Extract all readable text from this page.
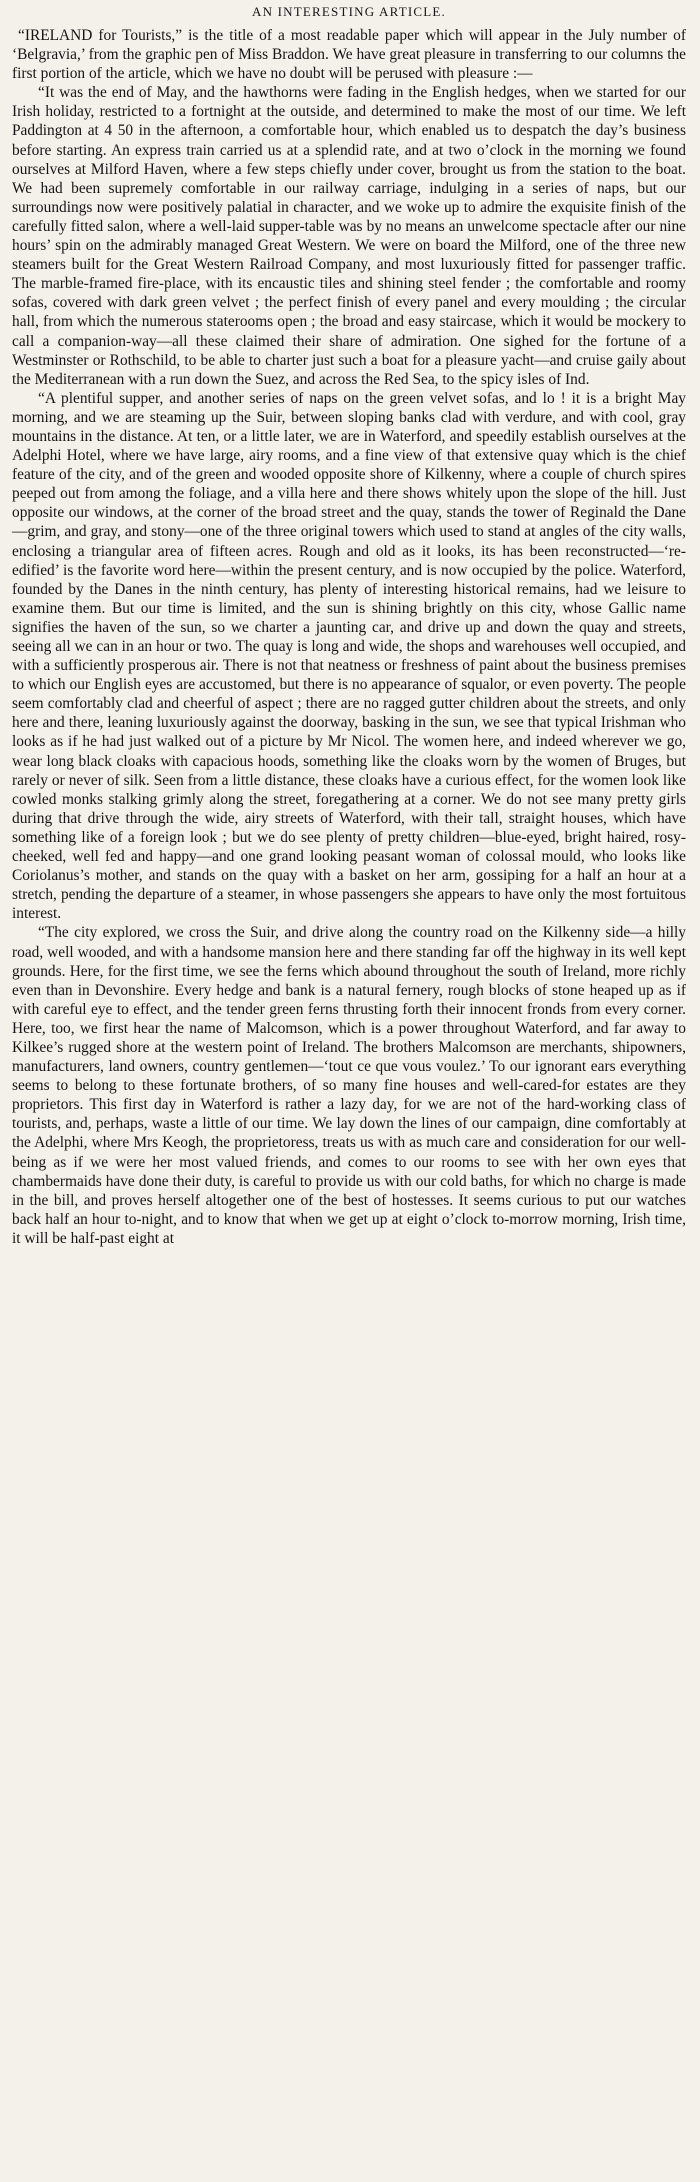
AN INTERESTING ARTICLE.

“IRELAND for Tourists,” is the title of a most readable paper which will appear in the July number of ‘Belgravia,’ from the graphic pen of Miss Braddon. We have great pleasure in transferring to our columns the first portion of the article, which we have no doubt will be perused with pleasure :—

“It was the end of May, and the hawthorns were fading in the English hedges, when we started for our Irish holiday, restricted to a fortnight at the outside, and determined to make the most of our time. We left Paddington at 4 50 in the afternoon, a comfortable hour, which enabled us to despatch the day’s business before starting. An express train carried us at a splendid rate, and at two o’clock in the morning we found ourselves at Milford Haven, where a few steps chiefly under cover, brought us from the station to the boat. We had been supremely comfortable in our railway carriage, indulging in a series of naps, but our surroundings now were positively palatial in character, and we woke up to admire the exquisite finish of the carefully fitted salon, where a well-laid supper-table was by no means an unwelcome spectacle after our nine hours’ spin on the admirably managed Great Western. We were on board the Milford, one of the three new steamers built for the Great Western Railroad Company, and most luxuriously fitted for passenger traffic. The marble-framed fire-place, with its encaustic tiles and shining steel fender ; the comfortable and roomy sofas, covered with dark green velvet ; the perfect finish of every panel and every moulding ; the circular hall, from which the numerous staterooms open ; the broad and easy staircase, which it would be mockery to call a companion-way—all these claimed their share of admiration. One sighed for the fortune of a Westminster or Rothschild, to be able to charter just such a boat for a pleasure yacht—and cruise gaily about the Mediterranean with a run down the Suez, and across the Red Sea, to the spicy isles of Ind.

“A plentiful supper, and another series of naps on the green velvet sofas, and lo ! it is a bright May morning, and we are steaming up the Suir, between sloping banks clad with verdure, and with cool, gray mountains in the distance. At ten, or a little later, we are in Waterford, and speedily establish ourselves at the Adelphi Hotel, where we have large, airy rooms, and a fine view of that extensive quay which is the chief feature of the city, and of the green and wooded opposite shore of Kilkenny, where a couple of church spires peeped out from among the foliage, and a villa here and there shows whitely upon the slope of the hill. Just opposite our windows, at the corner of the broad street and the quay, stands the tower of Reginald the Dane—grim, and gray, and stony—one of the three original towers which used to stand at angles of the city walls, enclosing a triangular area of fifteen acres. Rough and old as it looks, its has been reconstructed—‘re-edified’ is the favorite word here—within the present century, and is now occupied by the police. Waterford, founded by the Danes in the ninth century, has plenty of interesting historical remains, had we leisure to examine them. But our time is limited, and the sun is shining brightly on this city, whose Gallic name signifies the haven of the sun, so we charter a jaunting car, and drive up and down the quay and streets, seeing all we can in an hour or two. The quay is long and wide, the shops and warehouses well occupied, and with a sufficiently prosperous air. There is not that neatness or freshness of paint about the business premises to which our English eyes are accustomed, but there is no appearance of squalor, or even poverty. The people seem comfortably clad and cheerful of aspect ; there are no ragged gutter children about the streets, and only here and there, leaning luxuriously against the doorway, basking in the sun, we see that typical Irishman who looks as if he had just walked out of a picture by Mr Nicol. The women here, and indeed wherever we go, wear long black cloaks with capacious hoods, something like the cloaks worn by the women of Bruges, but rarely or never of silk. Seen from a little distance, these cloaks have a curious effect, for the women look like cowled monks stalking grimly along the street, foregathering at a corner. We do not see many pretty girls during that drive through the wide, airy streets of Waterford, with their tall, straight houses, which have something like of a foreign look ; but we do see plenty of pretty children—blue-eyed, bright haired, rosy-cheeked, well fed and happy—and one grand looking peasant woman of colossal mould, who looks like Coriolanus’s mother, and stands on the quay with a basket on her arm, gossiping for a half an hour at a stretch, pending the departure of a steamer, in whose passengers she appears to have only the most fortuitous interest.

“The city explored, we cross the Suir, and drive along the country road on the Kilkenny side—a hilly road, well wooded, and with a handsome mansion here and there standing far off the highway in its well kept grounds. Here, for the first time, we see the ferns which abound throughout the south of Ireland, more richly even than in Devonshire. Every hedge and bank is a natural fernery, rough blocks of stone heaped up as if with careful eye to effect, and the tender green ferns thrusting forth their innocent fronds from every corner. Here, too, we first hear the name of Malcomson, which is a power throughout Waterford, and far away to Kilkee’s rugged shore at the western point of Ireland. The brothers Malcomson are merchants, shipowners, manufacturers, land owners, country gentlemen—‘tout ce que vous voulez.’ To our ignorant ears everything seems to belong to these fortunate brothers, of so many fine houses and well-cared-for estates are they proprietors. This first day in Waterford is rather a lazy day, for we are not of the hard-working class of tourists, and, perhaps, waste a little of our time. We lay down the lines of our campaign, dine comfortably at the Adelphi, where Mrs Keogh, the proprietoress, treats us with as much care and consideration for our well-being as if we were her most valued friends, and comes to our rooms to see with her own eyes that chambermaids have done their duty, is careful to provide us with our cold baths, for which no charge is made in the bill, and proves herself altogether one of the best of hostesses. It seems curious to put our watches back half an hour to-night, and to know that when we get up at eight o’clock to-morrow morning, Irish time, it will be half-past eight at
